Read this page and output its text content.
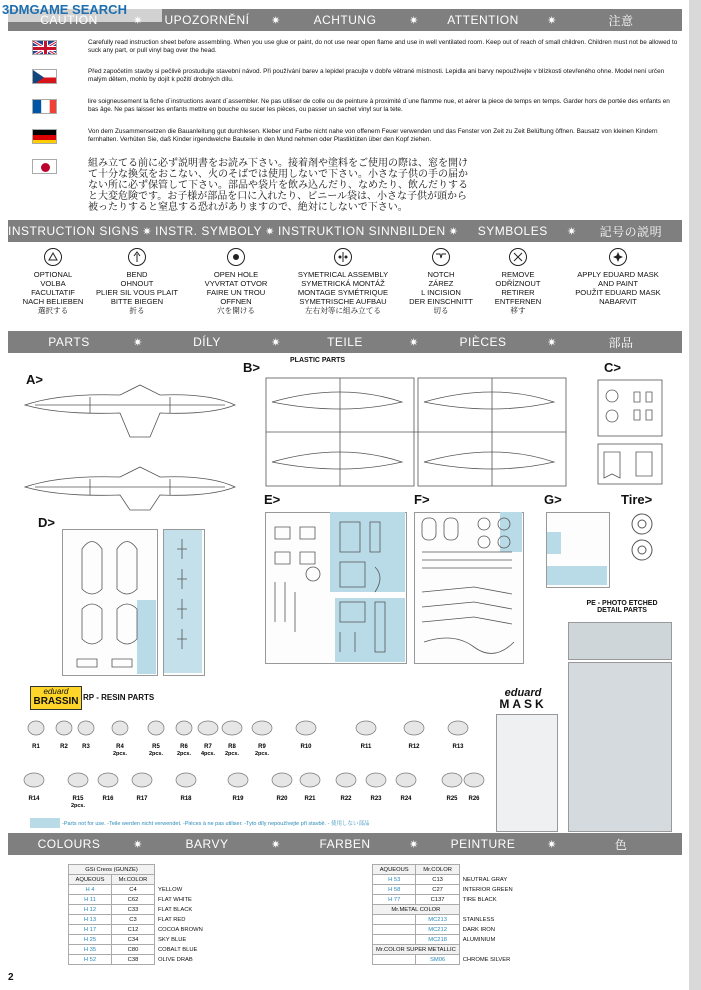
3DMGAME SEARCH
UPOZORNĚNÍ	✷	ACHTUNG	✷	ATTENTION	✷	注意
Carefully read instruction sheet before assembling. When you use glue or paint, do not use near open flame and use in well ventilated room. Keep out of reach of small children. Children must not be allowed to suck any part, or pull vinyl bag over the head.
Před započetím stavby si pečlivě prostudujte stavební návod. Při používání barev a lepidel pracujte v dobře větrané místnosti. Lepidla ani barvy nepoužívejte v blízkosti otevřeného ohne. Model není určen malým dětem, mohlo by dojít k požití drobných dílu.
lire soigneusement la fiche d´instructions avant d´assembler. Ne pas utiliser de colle ou de peinture à proximité d´une flamme nue, et aérer la piece de temps en temps. Garder hors de portée des enfants en bas âge. Ne pas laisser les enfants mettre en bouche ou sucer les pièces, ou passer un sachet vinyl sur la tete.
Von dem Zusammensetzen die Bauanleitung gut durchlesen. Kleber und Farbe nicht nahe von offenem Feuer verwenden und das Fenster von Zeit zu Zeit Belüftung öffnen. Bausatz von kleinen Kindern fernhalten. Verhüten Sie, daß Kinder irgendwelche Bauteile in den Mund nehmen oder Plastiktüten über den Kopf ziehen.
組み立てる前に必ず説明書をお読み下さい。接着剤や塗料をご使用の際は、窓を開けて十分な換気をおこない、火のそばでは使用しないで下さい。小さな子供の手の届かない所に必ず保管して下さい。部品や袋片を飲み込んだり、なめたり、飲んだりすると大変危険です。お子様が部品を口に入れたり、ビニール袋は、小さな子供が頭から被ったりすると窒息する恐れがありますので、絶対にしないで下さい。
INSTRUCTION SIGNS ✷ INSTR. SYMBOLY ✷ INSTRUKTION SINNBILDEN ✷	SYMBOLES	✷	記号の説明
OPTIONAL
VOLBA
FACULTATIF
NACH BELIEBEN
選択する
BEND
OHNOUT
PLIER SIL VOUS PLAIT
BITTE BIEGEN
折る
OPEN HOLE
VYVRTAT OTVOR
FAIRE UN TROU
OFFNEN
穴を開ける
SYMETRICAL ASSEMBLY
SYMETRICKÁ MONTÁŽ
MONTAGE SYMÉTRIQUE
SYMETRISCHE AUFBAU
左右対等に組み立てる
NOTCH
ZÁREZ
L INCISION
DER EINSCHNITT
切る
REMOVE
ODŘÍZNOUT
RETIRER
ENTFERNEN
移す
APPLY EDUARD MASK
AND PAINT
POUŽIT EDUARD MASK
NABARVIT
PARTS	✷	DÍLY	✷	TEILE	✷	PIÈCES	✷	部品
A>
B>	PLASTIC PARTS	C>
D>
E>	F>	G>	Tire>
PE - PHOTO ETCHED
DETAIL PARTS
eduard
MASK
eduard
BRASSIN RP - RESIN PARTS
R1	R2 R3	R4
2pcs.
R5
2pcs.
R6
2pcs.
R7
4pcs.
R8
2pcs.
R9
2pcs.
R10	R11	R12	R13
R14	R15
2pcs.
R16	R17	R18	R19	R20	R21	R22	R23	R24	R25 R26
-Parts not for use. -Teile werden nicht verwendet. -Pièces à ne pas utiliser. -Tyto díly nepoužívejte při stavbě. - 使用しない部品
COLOURS	✷	BARVY	✷	FARBEN	✷	PEINTURE	✷	色
GSi Creos (GUNZE)		
AQUEOUS	Mr.COLOR	
H 4	C4	YELLOW
H 11	C62	FLAT WHITE
H 12	C33	FLAT BLACK
H 13	C3	FLAT RED
H 17	C12	COCOA BROWN
H 25	C34	SKY BLUE
H 35	C80	COBALT BLUE
H 52	C38	OLIVE DRAB
AQUEOUS	Mr.COLOR	
H 53	C13	NEUTRAL GRAY
H 58	C27	INTERIOR GREEN
H 77	C137	TIRE BLACK
Mr.METAL COLOR		
	MC213	STAINLESS
	MC212	DARK IRON
	MC218	ALUMINIUM
Mr.COLOR SUPER METALLIC		
	SM06	CHROME SILVER
2
